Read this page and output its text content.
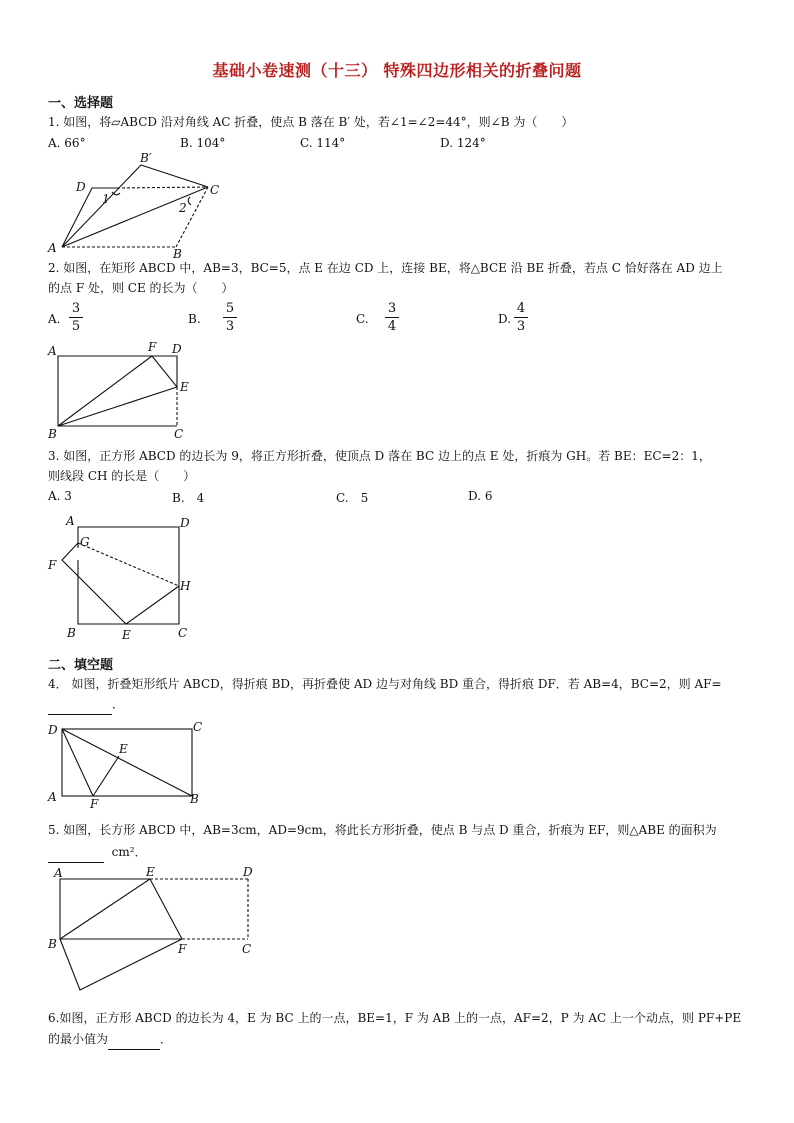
基础小卷速测（十三） 特殊四边形相关的折叠问题
一、选择题
1. 如图，将▱ABCD 沿对角线 AC 折叠，使点 B 落在 B′ 处，若∠1=∠2=44°，则∠B 为（　　）
A. 66°	B. 104°	C. 114°	D. 124°
A
D
B′
C
B
1
2
2. 如图，在矩形 ABCD 中，AB=3，BC=5，点 E 在边 CD 上，连接 BE，将△BCE 沿 BE 折叠，若点 C 恰好落在 AD 边上
的点 F 处，则 CE 的长为（　　）
A.
3
5	B.
5
3	C.
3
4	D.
4
3
A	F D
E
B	C
3. 如图，正方形 ABCD 的边长为 9，将正方形折叠，使顶点 D 落在 BC 边上的点 E 处，折痕为 GH。若 BE：EC=2：1，
则线段 CH 的长是（　　）
A. 3	B.　4	C.　5	D. 6
A	D
G
F
H
B	E	C
二、填空题
4． 如图，折叠矩形纸片 ABCD，得折痕 BD，再折叠使 AD 边与对角线 BD 重合，得折痕 DF．若 AB=4，BC=2，则 AF=
．
D	C
E
A	F	B
5. 如图，长方形 ABCD 中，AB=3cm，AD=9cm，将此长方形折叠，使点 B 与点 D 重合，折痕为 EF，则△ABE 的面积为
cm²．
A	E	D
B	F	C
6.如图，正方形 ABCD 的边长为 4，E 为 BC 上的一点，BE=1，F 为 AB 上的一点，AF=2，P 为 AC 上一个动点，则 PF+PE
的最小值为	．
